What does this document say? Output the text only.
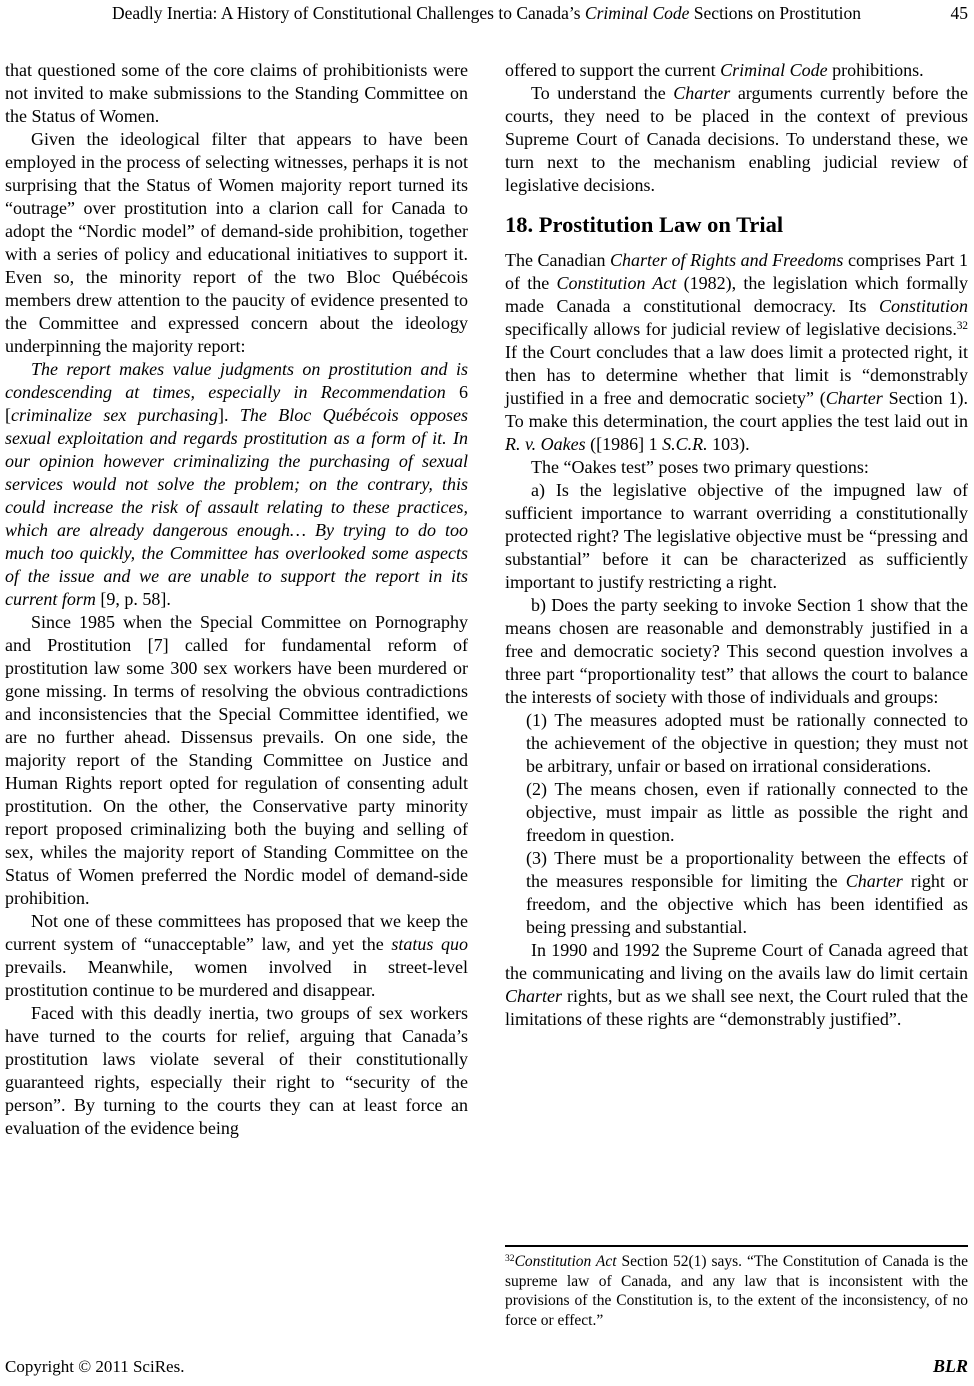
Deadly Inertia: A History of Constitutional Challenges to Canada’s Criminal Code Sections on Prostitution	45

that questioned some of the core claims of prohibitionists were not invited to make submissions to the Standing Committee on the Status of Women.

Given the ideological filter that appears to have been employed in the process of selecting witnesses, perhaps it is not surprising that the Status of Women majority report turned its “outrage” over prostitution into a clarion call for Canada to adopt the “Nordic model” of demand-side prohibition, together with a series of policy and educational initiatives to support it. Even so, the minority report of the two Bloc Québécois members drew attention to the paucity of evidence presented to the Committee and expressed concern about the ideology underpinning the majority report:

The report makes value judgments on prostitution and is condescending at times, especially in Recommendation 6 [criminalize sex purchasing]. The Bloc Québécois opposes sexual exploitation and regards prostitution as a form of it. In our opinion however criminalizing the purchasing of sexual services would not solve the problem; on the contrary, this could increase the risk of assault relating to these practices, which are already dangerous enough… By trying to do too much too quickly, the Committee has overlooked some aspects of the issue and we are unable to support the report in its current form [9, p. 58].

Since 1985 when the Special Committee on Pornography and Prostitution [7] called for fundamental reform of prostitution law some 300 sex workers have been murdered or gone missing. In terms of resolving the obvious contradictions and inconsistencies that the Special Committee identified, we are no further ahead. Dissensus prevails. On one side, the majority report of the Standing Committee on Justice and Human Rights report opted for regulation of consenting adult prostitution. On the other, the Conservative party minority report proposed criminalizing both the buying and selling of sex, whiles the majority report of Standing Committee on the Status of Women preferred the Nordic model of demand-side prohibition.

Not one of these committees has proposed that we keep the current system of “unacceptable” law, and yet the status quo prevails. Meanwhile, women involved in street-level prostitution continue to be murdered and disappear.

Faced with this deadly inertia, two groups of sex workers have turned to the courts for relief, arguing that Canada’s prostitution laws violate several of their constitutionally guaranteed rights, especially their right to “security of the person”. By turning to the courts they can at least force an evaluation of the evidence being

offered to support the current Criminal Code prohibitions.

To understand the Charter arguments currently before the courts, they need to be placed in the context of previous Supreme Court of Canada decisions. To understand these, we turn next to the mechanism enabling judicial review of legislative decisions.

18. Prostitution Law on Trial

The Canadian Charter of Rights and Freedoms comprises Part 1 of the Constitution Act (1982), the legislation which formally made Canada a constitutional democracy. Its Constitution specifically allows for judicial review of legislative decisions.$^{32}$ If the Court concludes that a law does limit a protected right, it then has to determine whether that limit is “demonstrably justified in a free and democratic society” (Charter Section 1). To make this determination, the court applies the test laid out in R. v. Oakes ([1986] 1 S.C.R. 103).

The “Oakes test” poses two primary questions:

a) Is the legislative objective of the impugned law of sufficient importance to warrant overriding a constitutionally protected right? The legislative objective must be “pressing and substantial” before it can be characterized as sufficiently important to justify restricting a right.

b) Does the party seeking to invoke Section 1 show that the means chosen are reasonable and demonstrably justified in a free and democratic society? This second question involves a three part “proportionality test” that allows the court to balance the interests of society with those of individuals and groups:

(1) The measures adopted must be rationally connected to the achievement of the objective in question; they must not be arbitrary, unfair or based on irrational considerations.

(2) The means chosen, even if rationally connected to the objective, must impair as little as possible the right and freedom in question.

(3) There must be a proportionality between the effects of the measures responsible for limiting the Charter right or freedom, and the objective which has been identified as being pressing and substantial.

In 1990 and 1992 the Supreme Court of Canada agreed that the communicating and living on the avails law do limit certain Charter rights, but as we shall see next, the Court ruled that the limitations of these rights are “demonstrably justified”.

$^{32}$Constitution Act Section 52(1) says. “The Constitution of Canada is the supreme law of Canada, and any law that is inconsistent with the provisions of the Constitution is, to the extent of the inconsistency, of no force or effect.”

Copyright © 2011 SciRes.	BLR
